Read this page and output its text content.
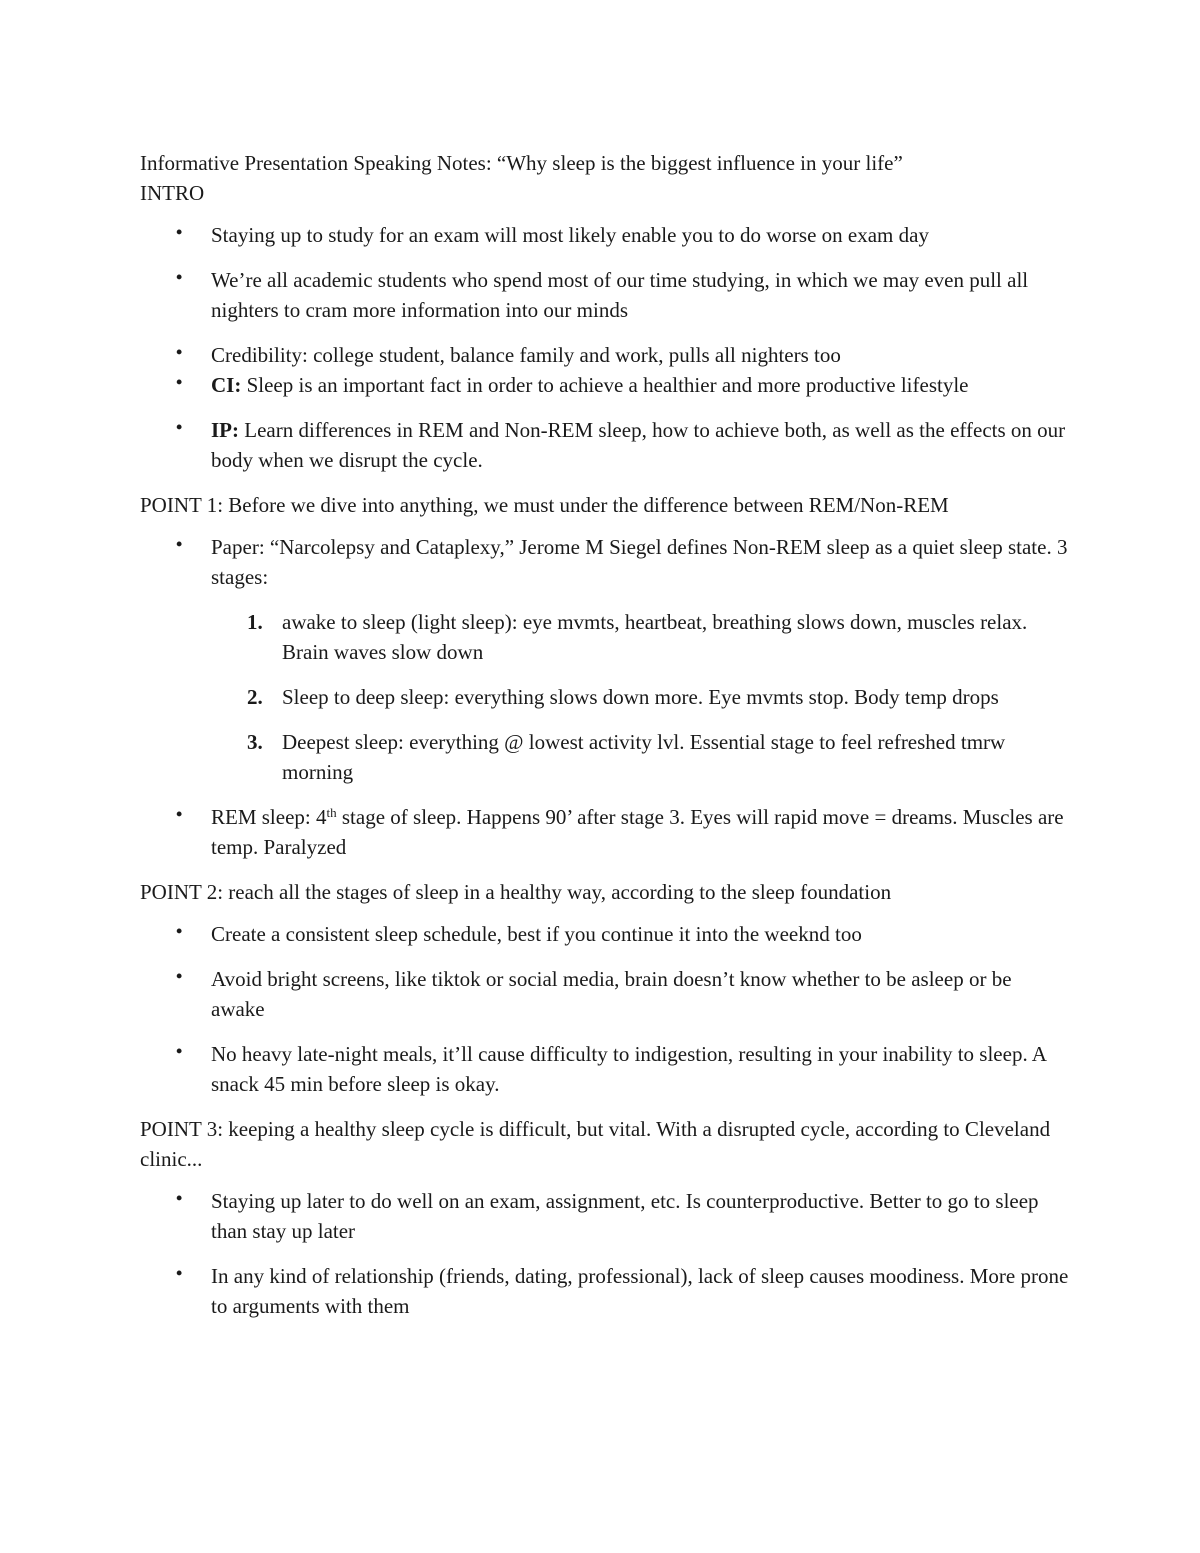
Informative Presentation Speaking Notes: “Why sleep is the biggest influence in your life”

INTRO

• Staying up to study for an exam will most likely enable you to do worse on exam day
• We’re all academic students who spend most of our time studying, in which we may even pull all nighters to cram more information into our minds
• Credibility: college student, balance family and work, pulls all nighters too
• CI: Sleep is an important fact in order to achieve a healthier and more productive lifestyle
• IP: Learn differences in REM and Non-REM sleep, how to achieve both, as well as the effects on our body when we disrupt the cycle.

POINT 1: Before we dive into anything, we must under the difference between REM/Non-REM

• Paper: “Narcolepsy and Cataplexy,” Jerome M Siegel defines Non-REM sleep as a quiet sleep state. 3 stages:
1. awake to sleep (light sleep): eye mvmts, heartbeat, breathing slows down, muscles relax. Brain waves slow down
2. Sleep to deep sleep: everything slows down more. Eye mvmts stop. Body temp drops
3. Deepest sleep: everything @ lowest activity lvl. Essential stage to feel refreshed tmrw morning
• REM sleep: 4th stage of sleep. Happens 90’ after stage 3. Eyes will rapid move = dreams. Muscles are temp. Paralyzed

POINT 2: reach all the stages of sleep in a healthy way, according to the sleep foundation

• Create a consistent sleep schedule, best if you continue it into the weeknd too
• Avoid bright screens, like tiktok or social media, brain doesn’t know whether to be asleep or be awake
• No heavy late-night meals, it’ll cause difficulty to indigestion, resulting in your inability to sleep. A snack 45 min before sleep is okay.

POINT 3: keeping a healthy sleep cycle is difficult, but vital. With a disrupted cycle, according to Cleveland clinic...

• Staying up later to do well on an exam, assignment, etc. Is counterproductive. Better to go to sleep than stay up later
• In any kind of relationship (friends, dating, professional), lack of sleep causes moodiness. More prone to arguments with them
